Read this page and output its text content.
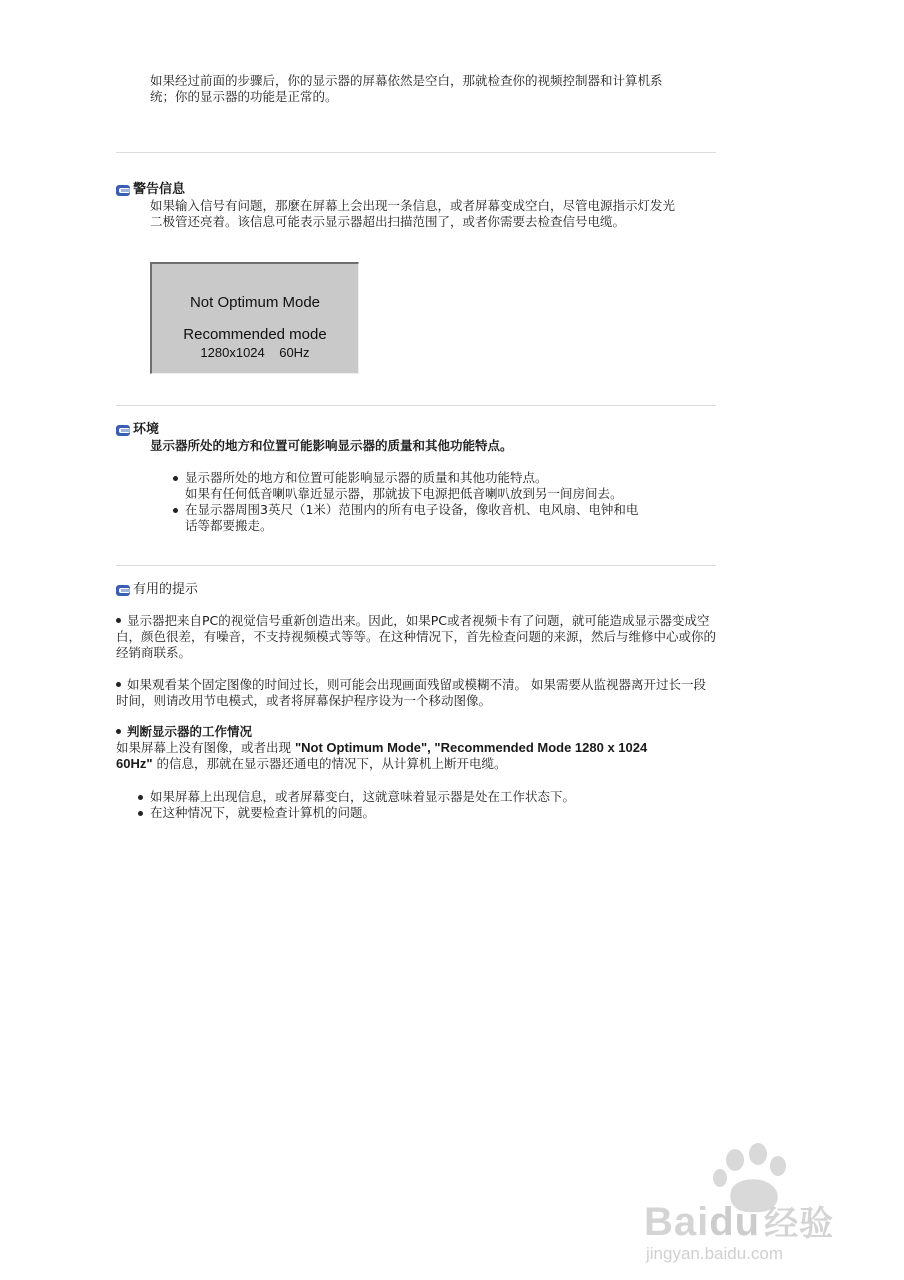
如果经过前面的步骤后，你的显示器的屏幕依然是空白，那就检查你的视频控制器和计算机系统；你的显示器的功能是正常的。

警告信息

如果输入信号有问题，那麼在屏幕上会出现一条信息，或者屏幕变成空白，尽管电源指示灯发光二极管还亮着。该信息可能表示显示器超出扫描范围了，或者你需要去检查信号电缆。

Not Optimum Mode
Recommended mode
1280x1024    60Hz
环境
显示器所处的地方和位置可能影响显示器的质量和其他功能特点。
显示器所处的地方和位置可能影响显示器的质量和其他功能特点。
如果有任何低音喇叭靠近显示器，那就拔下电源把低音喇叭放到另一间房间去。
在显示器周围3英尺（1米）范围内的所有电子设备，像收音机、电风扇、电钟和电
话等都要搬走。
有用的提示

显示器把来自PC的视觉信号重新创造出来。因此，如果PC或者视频卡有了问题，就可能造成显示器变成空白，颜色很差，有噪音，不支持视频模式等等。在这种情况下，首先检查问题的来源，然后与维修中心或你的经销商联系。

如果观看某个固定图像的时间过长，则可能会出现画面残留或模糊不清。 如果需要从监视器离开过长一段时间，则请改用节电模式，或者将屏幕保护程序设为一个移动图像。

判断显示器的工作情况

如果屏幕上没有图像，或者出现 "Not Optimum Mode", "Recommended Mode 1280 x 1024
60Hz" 的信息，那就在显示器还通电的情况下，从计算机上断开电缆。

如果屏幕上出现信息，或者屏幕变白，这就意味着显示器是处在工作状态下。
在这种情况下，就要检查计算机的问题。
Baidu 经验
jingyan.baidu.com
